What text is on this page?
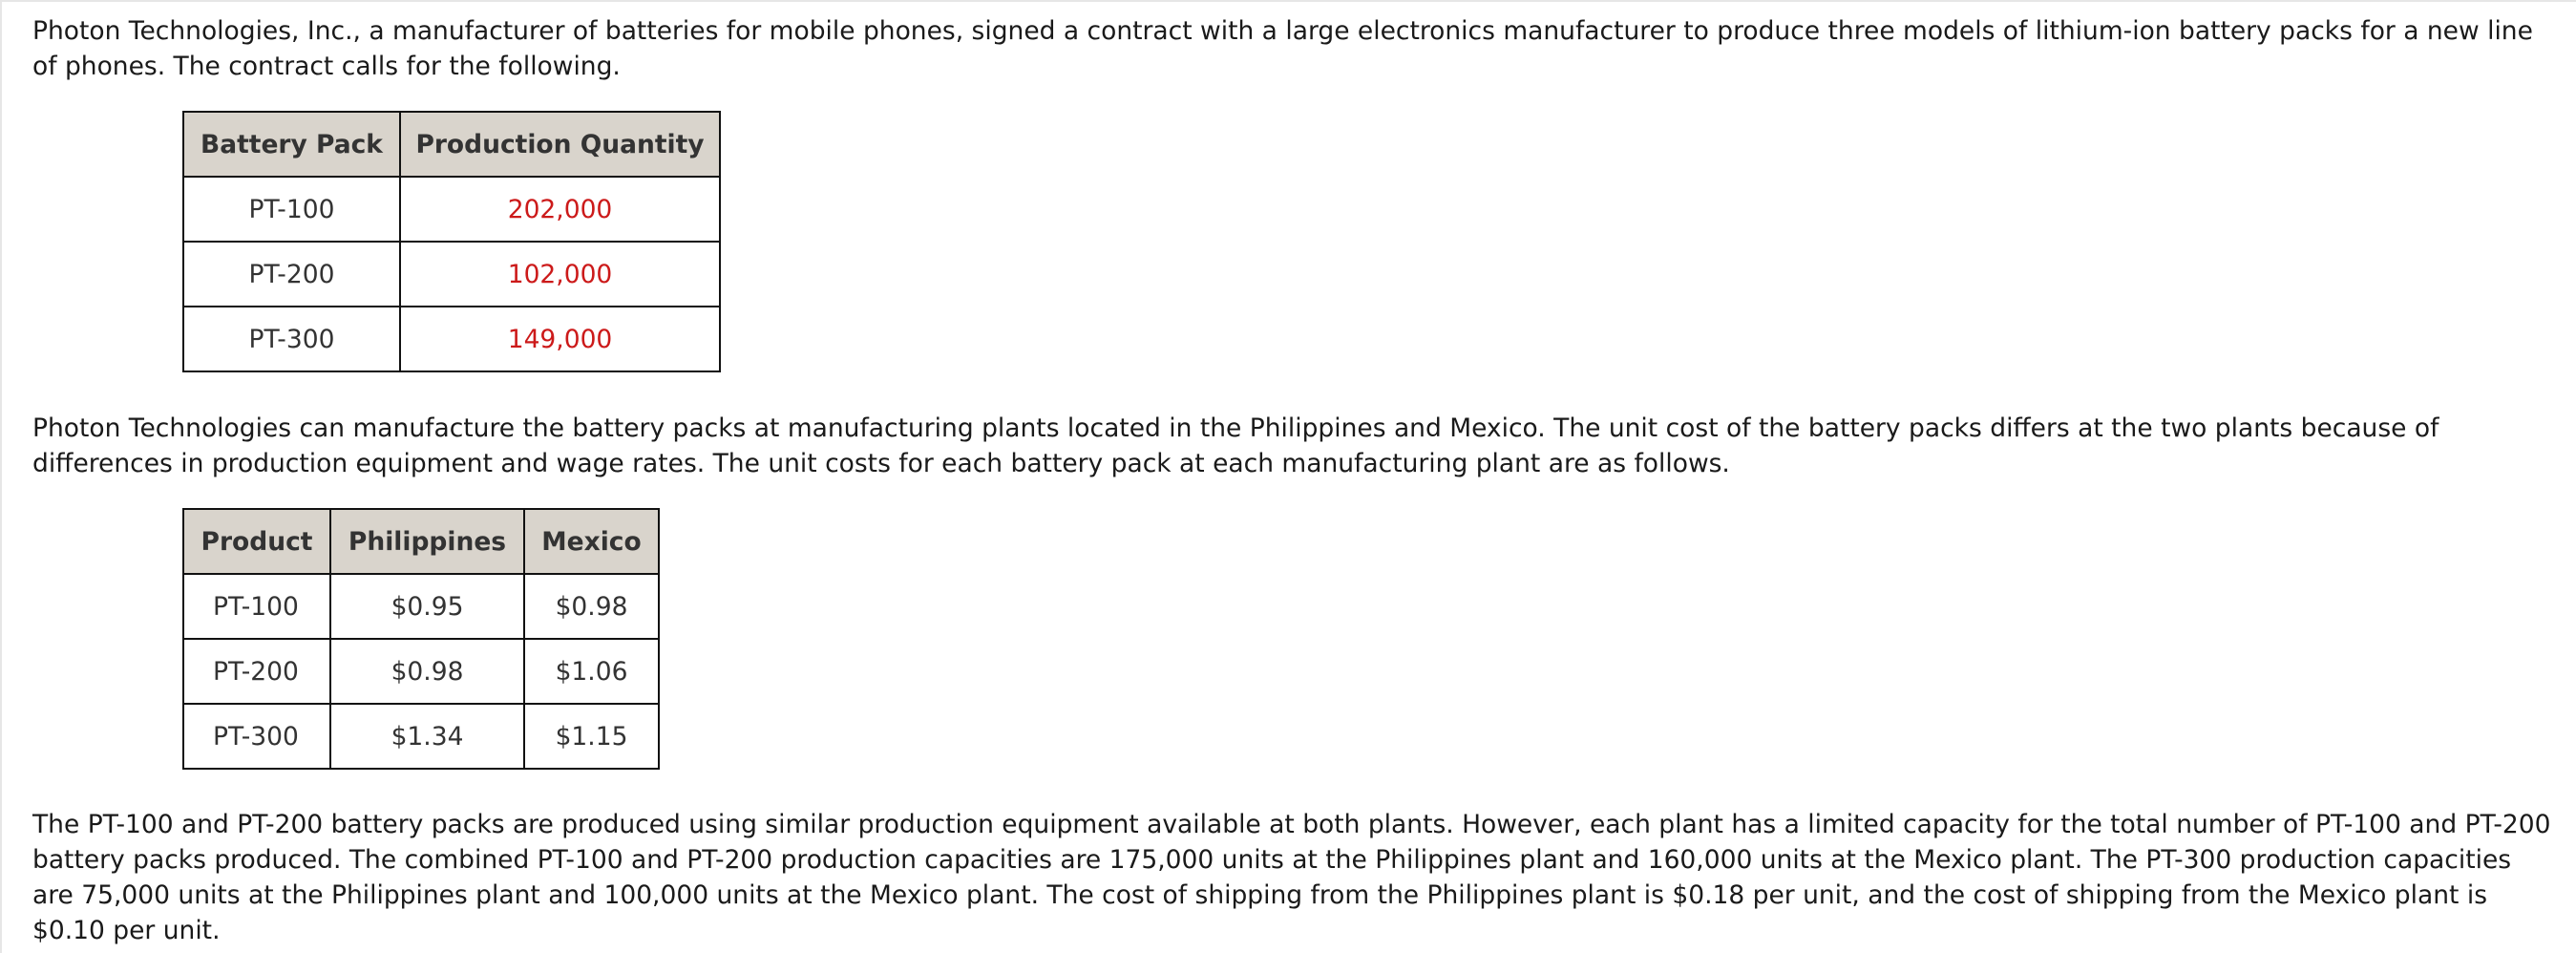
Photon Technologies, Inc., a manufacturer of batteries for mobile phones, signed a contract with a large electronics manufacturer to produce three models of lithium-ion battery packs for a new line of phones. The contract calls for the following.

Battery Pack	Production Quantity
PT-100	202,000
PT-200	102,000
PT-300	149,000

Photon Technologies can manufacture the battery packs at manufacturing plants located in the Philippines and Mexico. The unit cost of the battery packs differs at the two plants because of differences in production equipment and wage rates. The unit costs for each battery pack at each manufacturing plant are as follows.

Product	Philippines	Mexico
PT-100	$0.95	$0.98
PT-200	$0.98	$1.06
PT-300	$1.34	$1.15

The PT-100 and PT-200 battery packs are produced using similar production equipment available at both plants. However, each plant has a limited capacity for the total number of PT-100 and PT-200 battery packs produced. The combined PT-100 and PT-200 production capacities are 175,000 units at the Philippines plant and 160,000 units at the Mexico plant. The PT-300 production capacities are 75,000 units at the Philippines plant and 100,000 units at the Mexico plant. The cost of shipping from the Philippines plant is $0.18 per unit, and the cost of shipping from the Mexico plant is $0.10 per unit.
